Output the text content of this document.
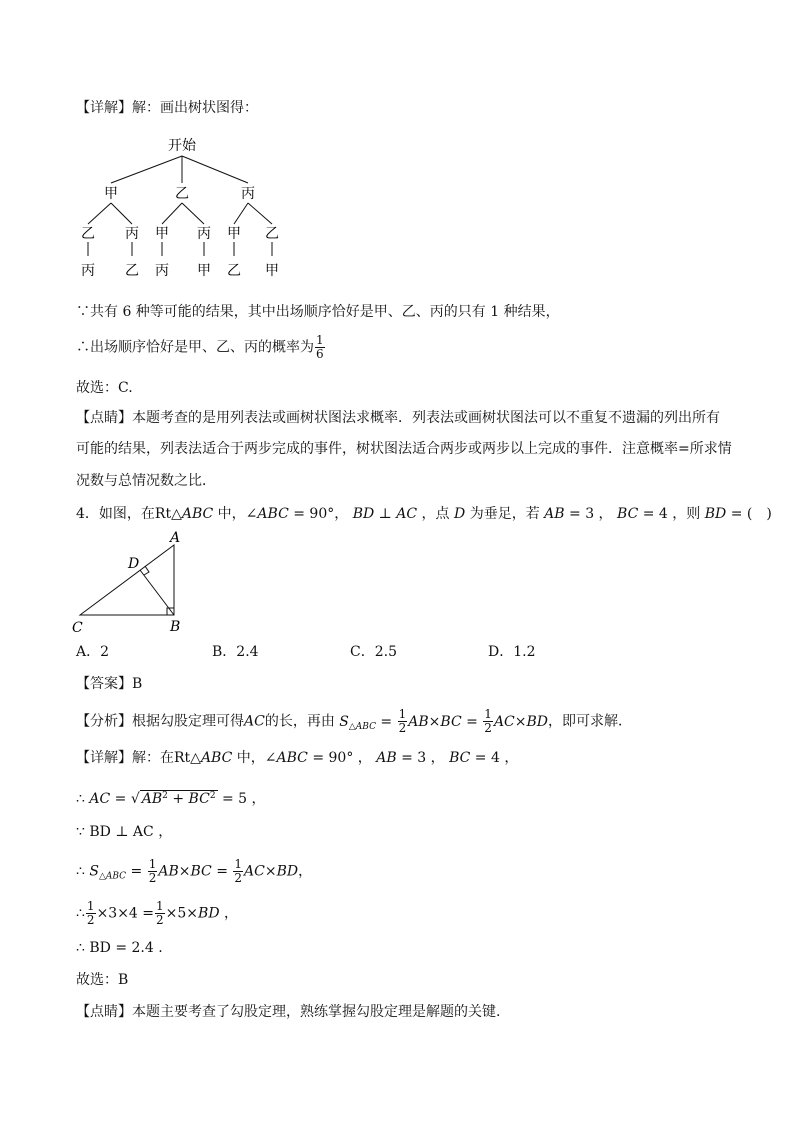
【详解】解：画出树状图得：
开始
甲	乙	丙
乙 丙 甲 丙 甲 乙
丙 乙 丙 甲 乙 甲
∵共有 6 种等可能的结果，其中出场顺序恰好是甲、乙、丙的只有 1 种结果，
∴出场顺序恰好是甲、乙、丙的概率为 $\frac{1}{6}$
故选：C.
【点睛】本题考查的是用列表法或画树状图法求概率．列表法或画树状图法可以不重复不遗漏的列出所有
可能的结果，列表法适合于两步完成的事件，树状图法适合两步或两步以上完成的事件．注意概率=所求情
况数与总情况数之比．
4．如图，在Rt△ABC 中，∠ABC = 90°， BD ⊥ AC ，点 D 为垂足，若 AB = 3 ， BC = 4 ，则 BD = (　)
A
D
C	B
A．2	B．2.4	C．2.5	D．1.2
【答案】B
【分析】根据勾股定理可得AC的长，再由 $S_{\triangle ABC} = \frac{1}{2} AB\times BC = \frac{1}{2} AC\times BD$，即可求解．
【详解】解：在Rt△ABC 中，∠ABC = 90° ， AB = 3 ， BC = 4 ，
∴ AC = √ $AB^2 + BC^2 = 5$ ，
∵ BD ⊥ AC ，
∴ $S_{\triangle ABC} = \frac{1}{2} AB\times BC = \frac{1}{2} AC\times BD$，
∴ $\frac{1}{2} \times 3\times 4 = \frac{1}{2} \times 5\times BD$ ，
∴ BD = 2.4 .
故选：B
【点睛】本题主要考查了勾股定理，熟练掌握勾股定理是解题的关键.
